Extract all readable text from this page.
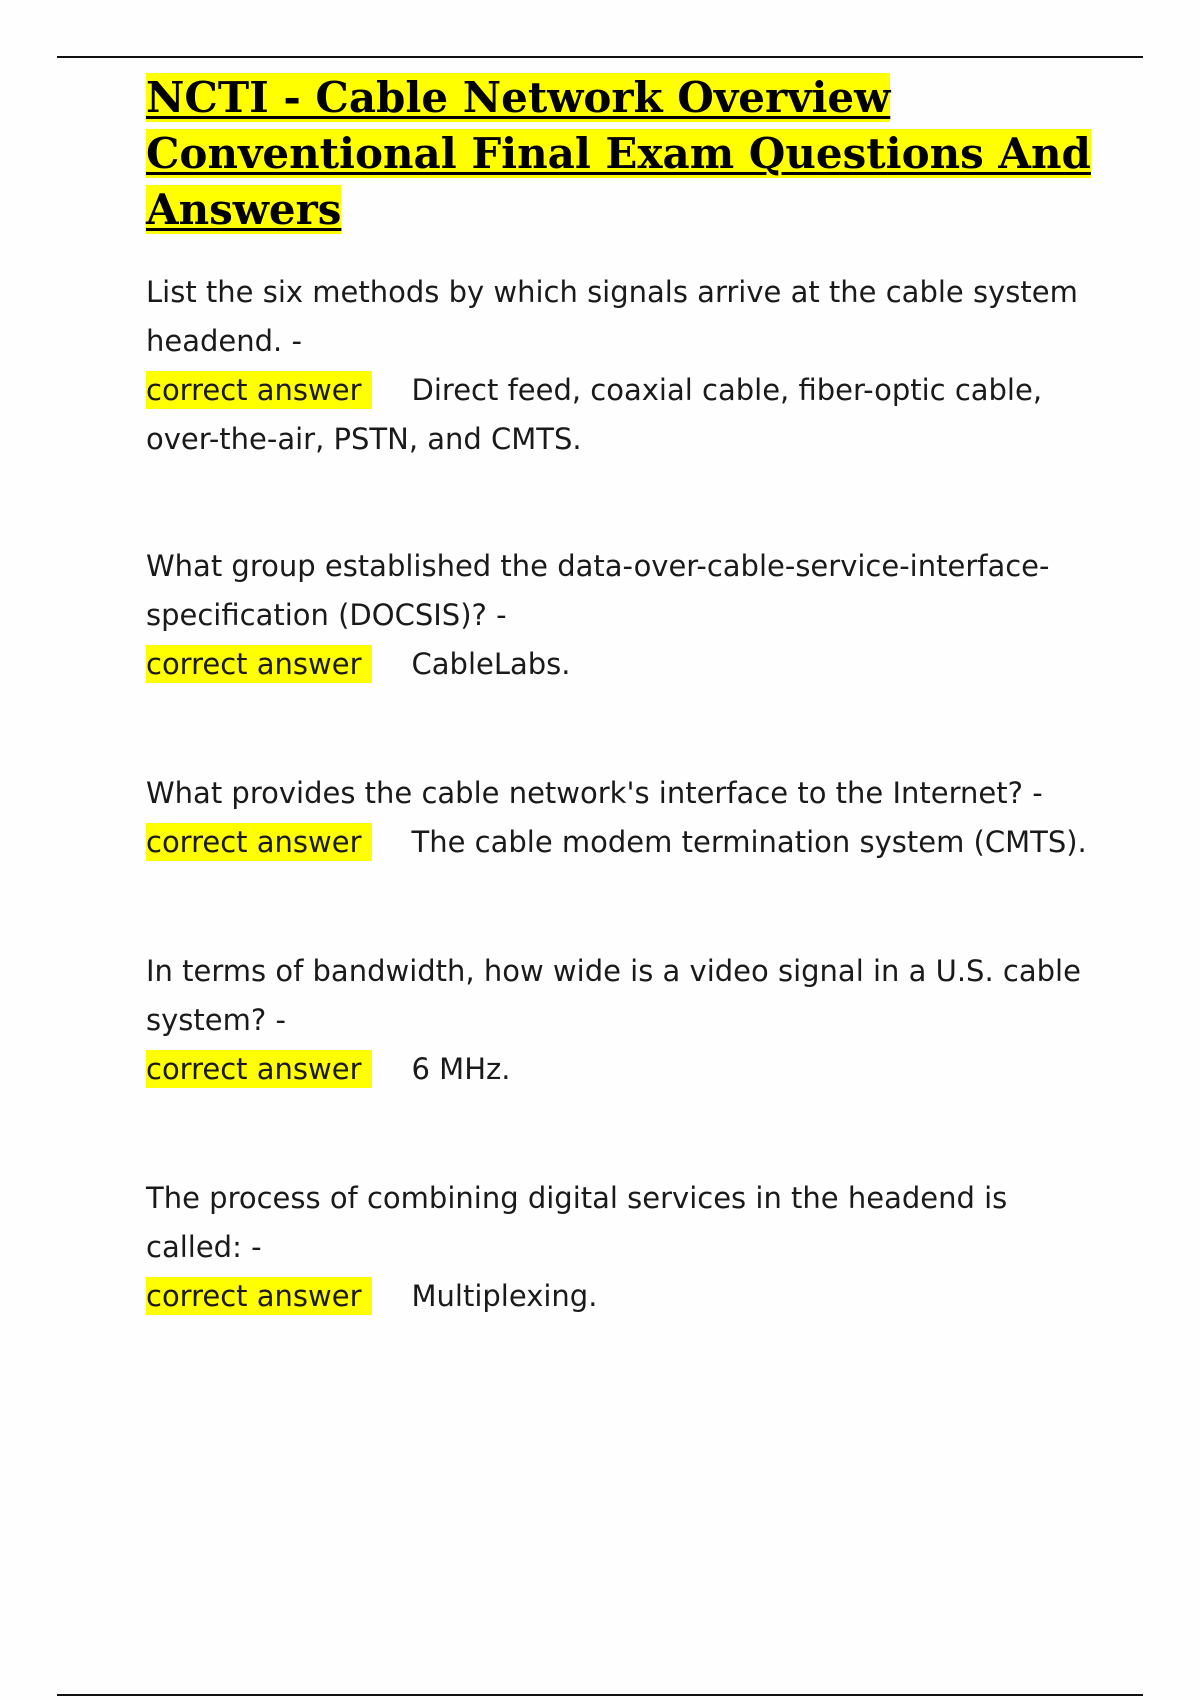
NCTI - Cable Network Overview Conventional Final Exam Questions And Answers

List the six methods by which signals arrive at the cable system headend. -

correct answer Direct feed, coaxial cable, fiber-optic cable, over-the-air, PSTN, and CMTS.

What group established the data-over-cable-service-interface-specification (DOCSIS)? -

correct answer CableLabs.

What provides the cable network's interface to the Internet? -

correct answer The cable modem termination system (CMTS).

In terms of bandwidth, how wide is a video signal in a U.S. cable system? -

correct answer 6 MHz.

The process of combining digital services in the headend is called: -

correct answer Multiplexing.
